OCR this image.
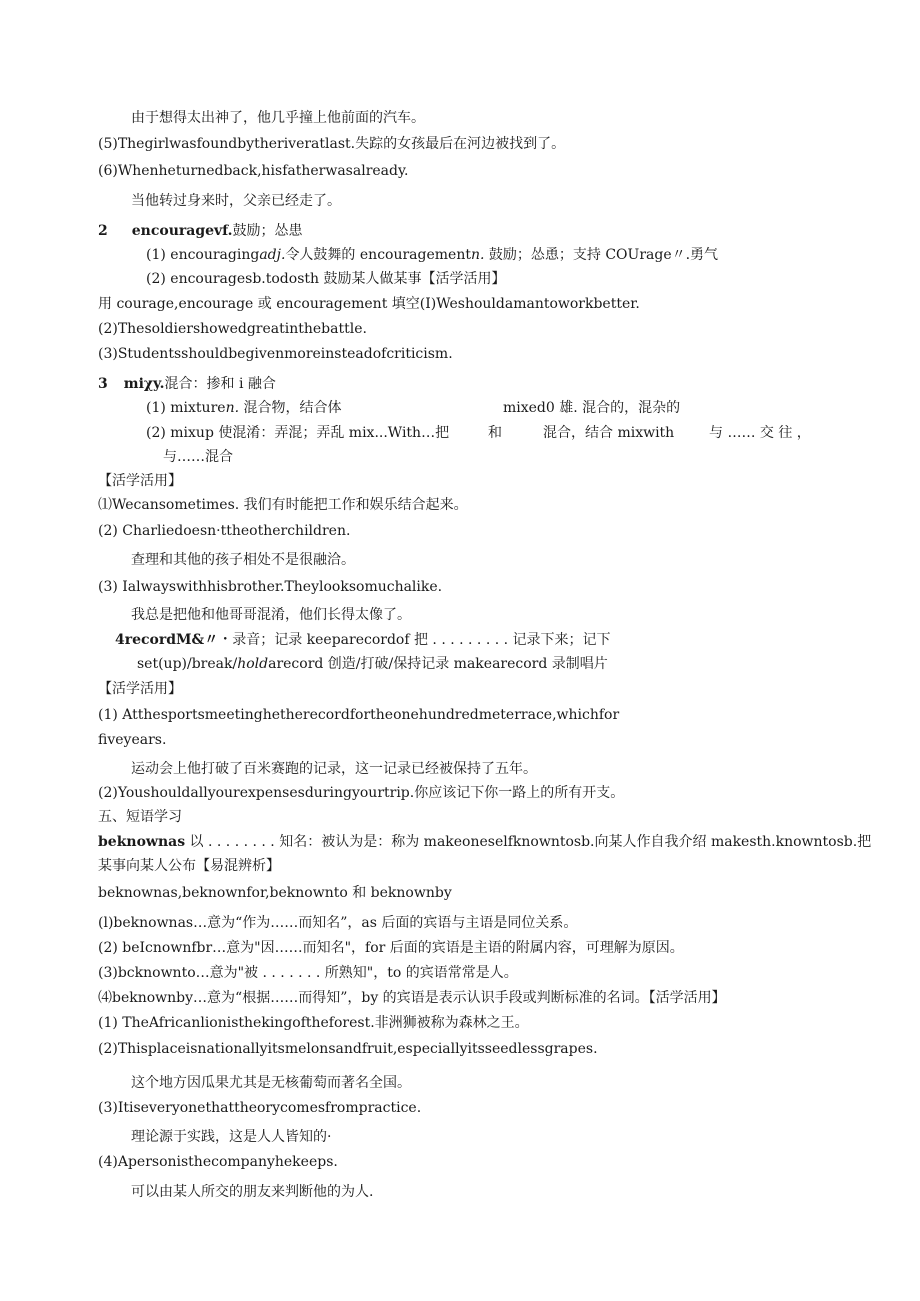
由于想得太出神了，他几乎撞上他前面的汽车。
(5)Thegirlwasfoundbytheriveratlast.失踪的女孩最后在河边被找到了。
(6)Whenheturnedback,hisfatherwasalready.
当他转过身来时，父亲已经走了。
2 encouragevf.鼓励；怂患
(1) encouragingadj.令人鼓舞的 encouragementn. 鼓励；怂恿；支持 COUrage〃.勇气
(2) encouragesb.todosth 鼓励某人做某事【活学活用】
用 courage,encourage 或 encouragement 填空(I)Weshouldamantoworkbetter.
(2)Thesoldiershowedgreatinthebattle.
(3)Studentsshouldbegivenmoreinsteadofcriticism.
3 miχy.混合：掺和 i 融合
(1) mixturen. 混合物，结合体	mixed0 雄. 混合的，混杂的
(2) mixup 使混淆：弄混；弄乱 mix...With…把	和	混合，结合 mixwith 与 …… 交 往 ，
与……混合
【活学活用】
⑴Wecansometimes. 我们有时能把工作和娱乐结合起来。
(2) Charliedoesn·ttheotherchildren.
查理和其他的孩子相处不是很融洽。
(3) Ialwayswithhisbrother.Theylooksomuchalike.
我总是把他和他哥哥混淆，他们长得太像了。
4recordM&〃・录音；记录 keeparecordof 把 . . . . . . . . . 记录下来；记下
set(up)/break/holdarecord 创造/打破/保持记录 makearecord 录制唱片
【活学活用】
(1) Atthesportsmeetinghetherecordfortheonehundredmeterrace,whichfor
fiveyears.
运动会上他打破了百米赛跑的记录，这一记录已经被保持了五年。
(2)Youshouldallyourexpensesduringyourtrip.你应该记下你一路上的所有开支。
五、短语学习
beknownas 以 . . . . . . . . 知名：被认为是：称为 makeoneselfknowntosb.向某人作自我介绍 makesth.knowntosb.把
某事向某人公布【易混辨析】
beknownas,beknownfor,beknownto 和 beknownby
(l)beknownas…意为“作为……而知名”，as 后面的宾语与主语是同位关系。
(2) beIcnownfbr…意为"因……而知名"，for 后面的宾语是主语的附属内容，可理解为原因。
(3)bcknownto…意为"被 . . . . . . . 所熟知"，to 的宾语常常是人。
⑷beknownby…意为“根据……而得知”，by 的宾语是表示认识手段或判断标准的名词。【活学活用】
(1) TheAfricanlionisthekingoftheforest.非洲狮被称为森林之王。
(2)Thisplaceisnationallyitsmelonsandfruit,especiallyitsseedlessgrapes.
这个地方因瓜果尤其是无核葡萄而著名全国。
(3)Itiseveryonethattheorycomesfrompractice.
理论源于实践，这是人人皆知的·
(4)Apersonisthecompanyhekeeps.
可以由某人所交的朋友来判断他的为人.
